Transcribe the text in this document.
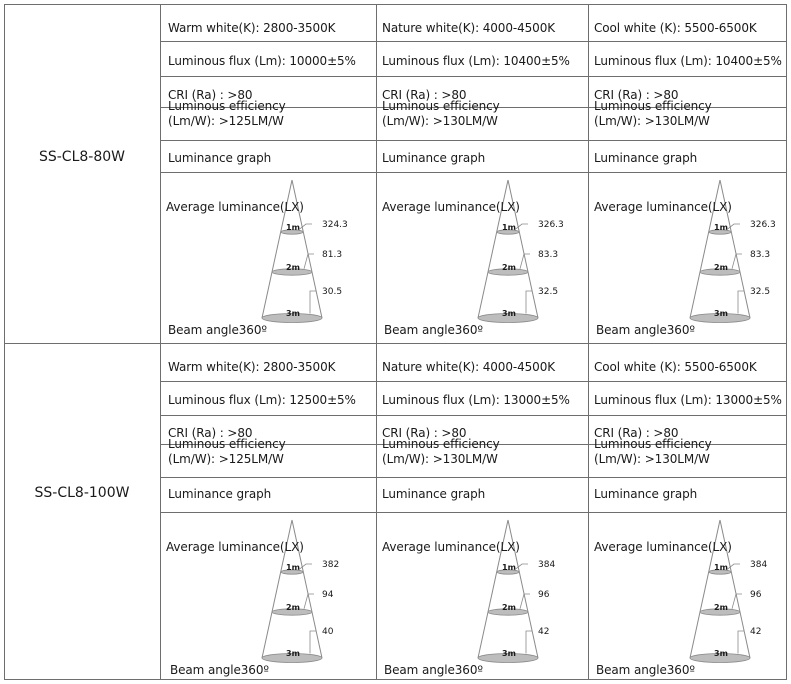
SS-CL8-80W
Warm white(K): 2800-3500K
Luminous flux (Lm): 10000±5%
CRI (Ra) : >80
Luminous efficiency
(Lm/W): >125LM/W
Luminance graph
1m 324.3
2m
81.3
3m
30.5
Average luminance(LX)
Beam angle360º
Nature white(K): 4000-4500K
Luminous flux (Lm): 10400±5%
CRI (Ra) : >80
Luminous efficiency
(Lm/W): >130LM/W
Luminance graph
1m 326.3
2m
83.3
3m
32.5
Average luminance(LX)
Beam angle360º
Cool white (K): 5500-6500K
Luminous flux (Lm): 10400±5%
CRI (Ra) : >80
Luminous efficiency
(Lm/W): >130LM/W
Luminance graph
1m 326.3
2m
83.3
3m
32.5
Average luminance(LX)
Beam angle360º
SS-CL8-100W
Warm white(K): 2800-3500K
Luminous flux (Lm): 12500±5%
CRI (Ra) : >80
Luminous efficiency
(Lm/W): >125LM/W
Luminance graph
1m 382
2m
94
3m
40
Average luminance(LX)
Beam angle360º
Nature white(K): 4000-4500K
Luminous flux (Lm): 13000±5%
CRI (Ra) : >80
Luminous efficiency
(Lm/W): >130LM/W
Luminance graph
1m 384
2m
96
3m
42
Average luminance(LX)
Beam angle360º
Cool white (K): 5500-6500K
Luminous flux (Lm): 13000±5%
CRI (Ra) : >80
Luminous efficiency
(Lm/W): >130LM/W
Luminance graph
1m 384
2m
96
3m
42
Average luminance(LX)
Beam angle360º
